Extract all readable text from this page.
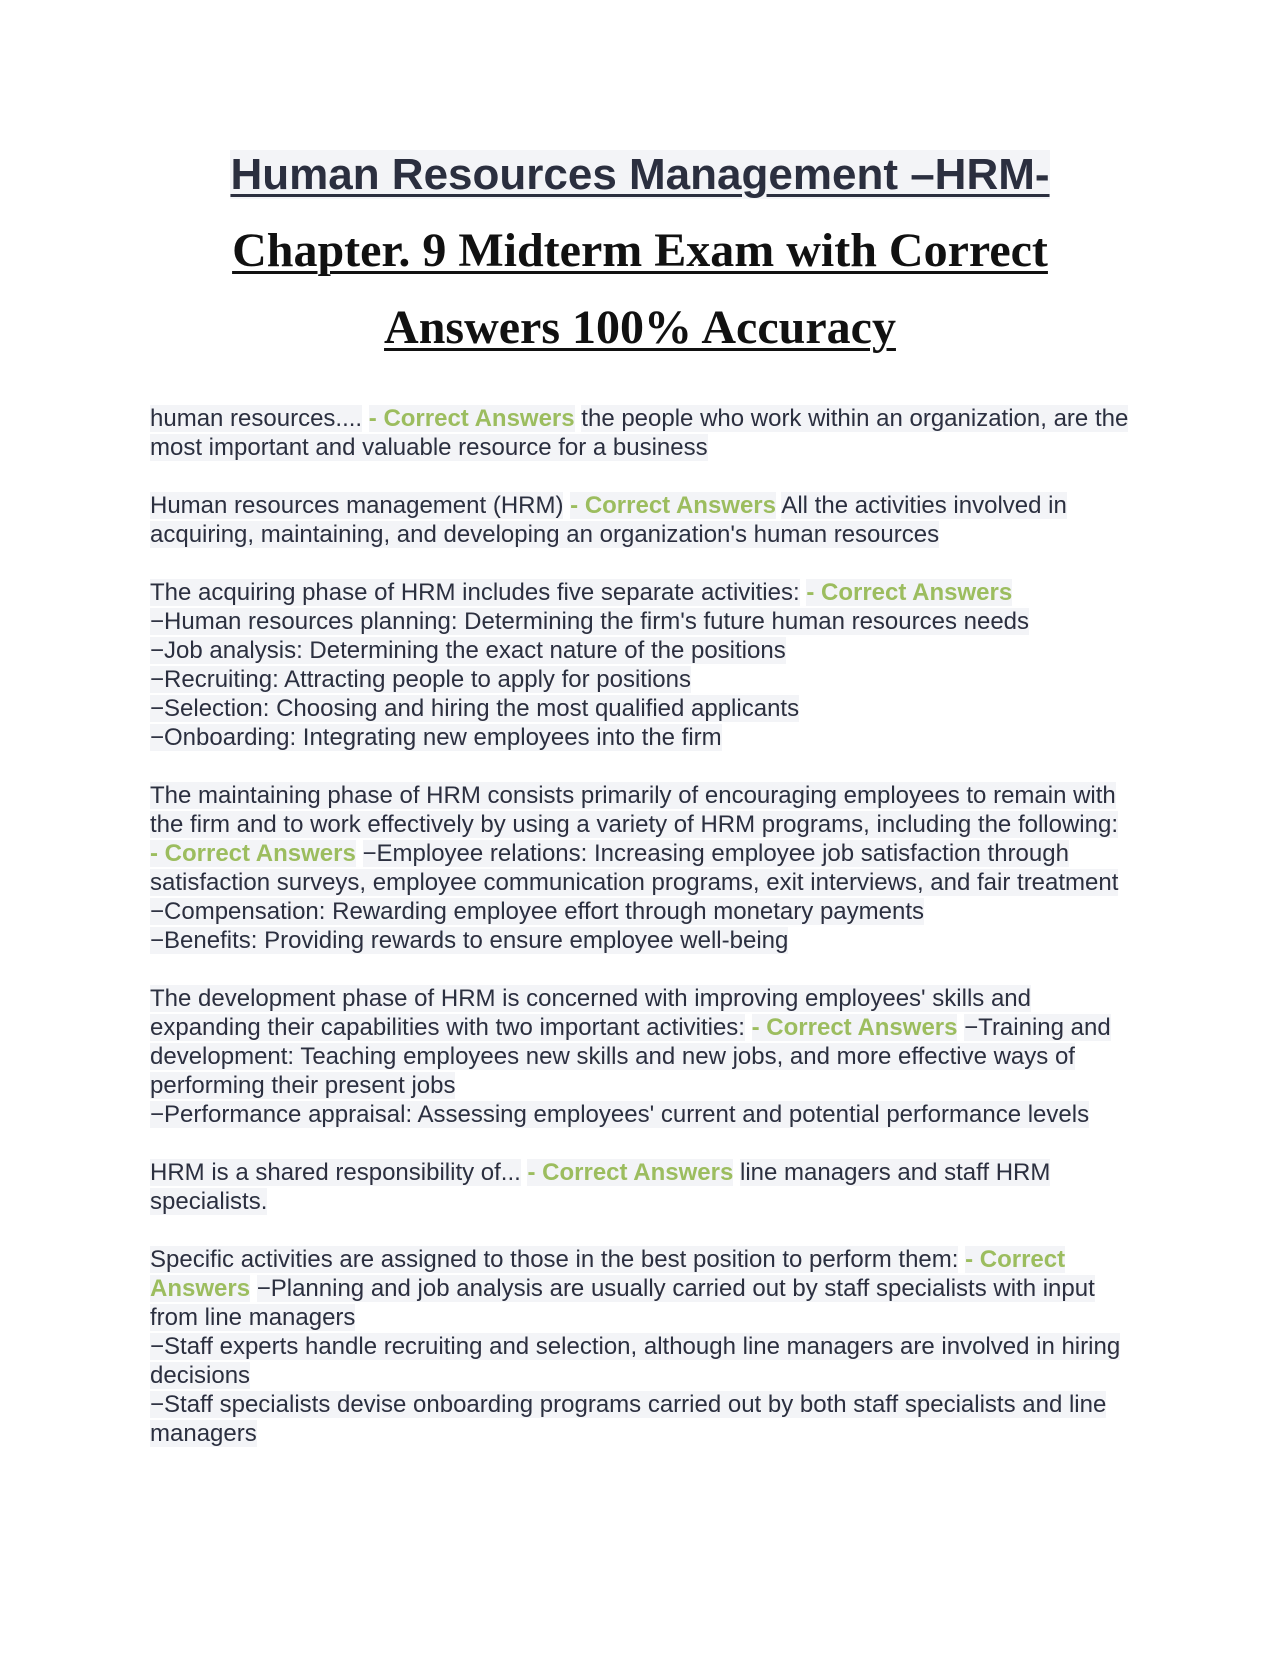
Human Resources Management –HRM-
Chapter. 9 Midterm Exam with Correct
Answers 100% Accuracy
human resources.... - Correct Answers the people who work within an organization, are the most important and valuable resource for a business
Human resources management (HRM) - Correct Answers All the activities involved in acquiring, maintaining, and developing an organization's human resources
The acquiring phase of HRM includes five separate activities: - Correct Answers
−Human resources planning: Determining the firm's future human resources needs
−Job analysis: Determining the exact nature of the positions
−Recruiting: Attracting people to apply for positions
−Selection: Choosing and hiring the most qualified applicants
−Onboarding: Integrating new employees into the firm
The maintaining phase of HRM consists primarily of encouraging employees to remain with the firm and to work effectively by using a variety of HRM programs, including the following: - Correct Answers −Employee relations: Increasing employee job satisfaction through satisfaction surveys, employee communication programs, exit interviews, and fair treatment
−Compensation: Rewarding employee effort through monetary payments
−Benefits: Providing rewards to ensure employee well-being
The development phase of HRM is concerned with improving employees' skills and expanding their capabilities with two important activities: - Correct Answers −Training and development: Teaching employees new skills and new jobs, and more effective ways of performing their present jobs
−Performance appraisal: Assessing employees' current and potential performance levels
HRM is a shared responsibility of... - Correct Answers line managers and staff HRM specialists.
Specific activities are assigned to those in the best position to perform them: - Correct Answers −Planning and job analysis are usually carried out by staff specialists with input from line managers
−Staff experts handle recruiting and selection, although line managers are involved in hiring decisions
−Staff specialists devise onboarding programs carried out by both staff specialists and line managers
